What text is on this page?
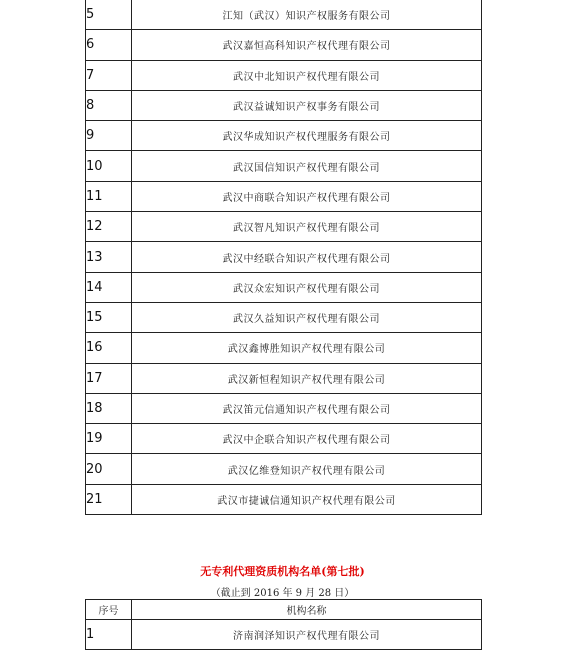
5	江知（武汉）知识产权服务有限公司
6	武汉嘉恒高科知识产权代理有限公司
7	武汉中北知识产权代理有限公司
8	武汉益诚知识产权事务有限公司
9	武汉华成知识产权代理服务有限公司
10	武汉国信知识产权代理有限公司
11	武汉中商联合知识产权代理有限公司
12	武汉智凡知识产权代理有限公司
13	武汉中经联合知识产权代理有限公司
14	武汉众宏知识产权代理有限公司
15	武汉久益知识产权代理有限公司
16	武汉鑫博胜知识产权代理有限公司
17	武汉新恒程知识产权代理有限公司
18	武汉笛元信通知识产权代理有限公司
19	武汉中企联合知识产权代理有限公司
20	武汉亿维登知识产权代理有限公司
21	武汉市捷诚信通知识产权代理有限公司
无专利代理资质机构名单(第七批)
（截止到 2016 年 9 月 28 日）
序号	机构名称
1	济南润泽知识产权代理有限公司
